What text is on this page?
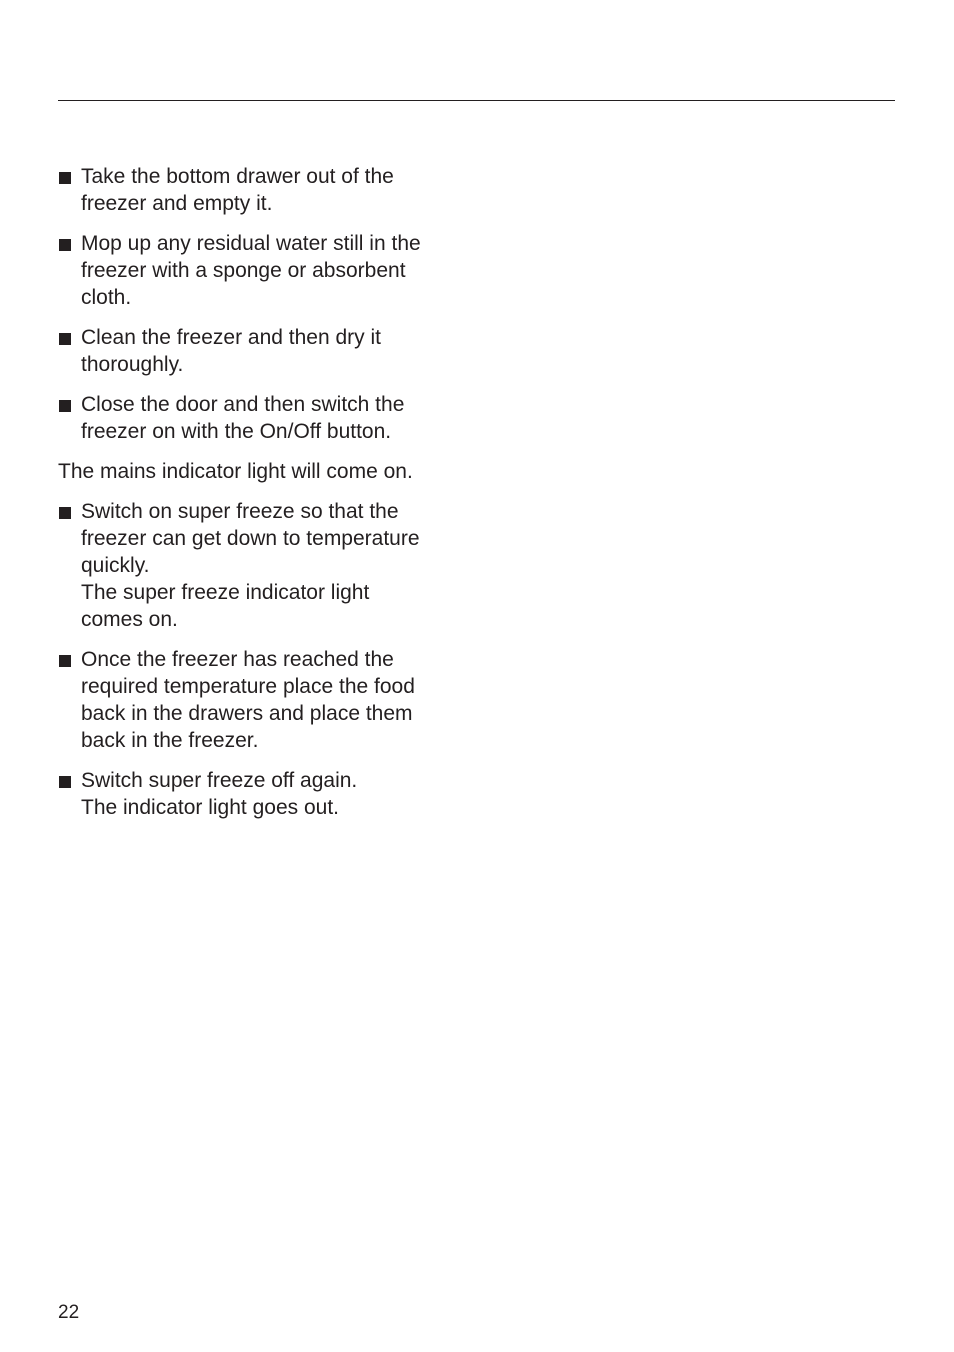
Take the bottom drawer out of the
freezer and empty it.
Mop up any residual water still in the
freezer with a sponge or absorbent
cloth.
Clean the freezer and then dry it
thoroughly.
Close the door and then switch the
freezer on with the On/Off button.
The mains indicator light will come on.
Switch on super freeze so that the
freezer can get down to temperature
quickly.
The super freeze indicator light
comes on.
Once the freezer has reached the
required temperature place the food
back in the drawers and place them
back in the freezer.
Switch super freeze off again.
The indicator light goes out.
22
